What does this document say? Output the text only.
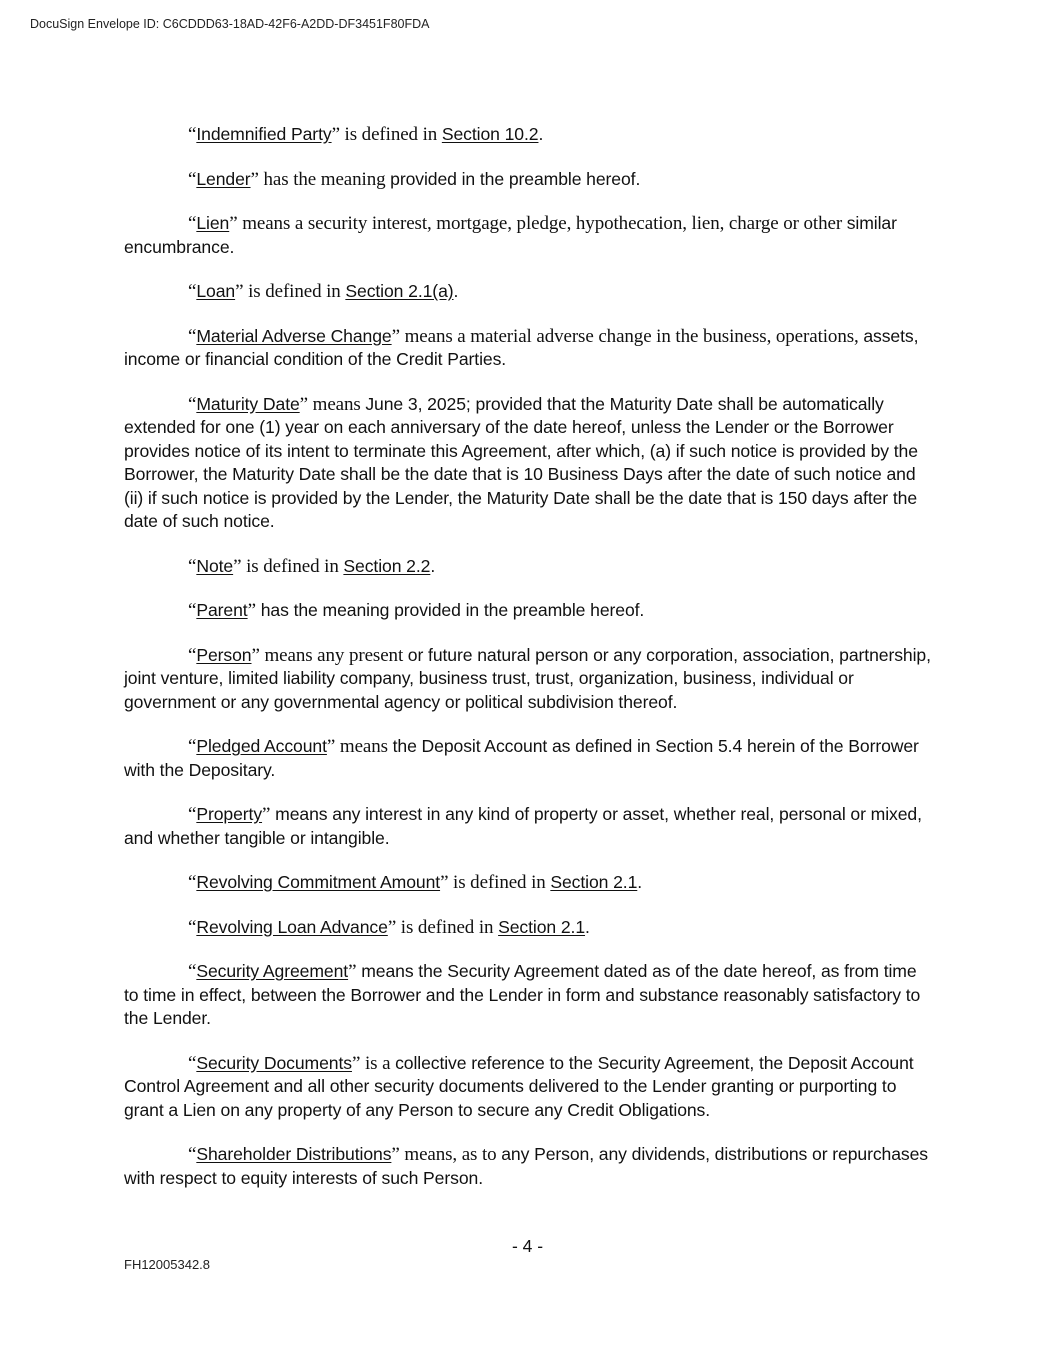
DocuSign Envelope ID: C6CDDD63-18AD-42F6-A2DD-DF3451F80FDA

“Indemnified Party” is defined in Section 10.2.

“Lender” has the meaning provided in the preamble hereof.

“Lien” means a security interest, mortgage, pledge, hypothecation, lien, charge or other similar encumbrance.

“Loan” is defined in Section 2.1(a).

“Material Adverse Change” means a material adverse change in the business, operations, assets, income or financial condition of the Credit Parties.

“Maturity Date” means June 3, 2025; provided that the Maturity Date shall be automatically extended for one (1) year on each anniversary of the date hereof, unless the Lender or the Borrower provides notice of its intent to terminate this Agreement, after which, (a) if such notice is provided by the Borrower, the Maturity Date shall be the date that is 10 Business Days after the date of such notice and (ii) if such notice is provided by the Lender, the Maturity Date shall be the date that is 150 days after the date of such notice.

“Note” is defined in Section 2.2.

“Parent” has the meaning provided in the preamble hereof.

“Person” means any present or future natural person or any corporation, association, partnership, joint venture, limited liability company, business trust, trust, organization, business, individual or government or any governmental agency or political subdivision thereof.

“Pledged Account” means the Deposit Account as defined in Section 5.4 herein of the Borrower with the Depositary.

“Property” means any interest in any kind of property or asset, whether real, personal or mixed, and whether tangible or intangible.

“Revolving Commitment Amount” is defined in Section 2.1.

“Revolving Loan Advance” is defined in Section 2.1.

“Security Agreement” means the Security Agreement dated as of the date hereof, as from time to time in effect, between the Borrower and the Lender in form and substance reasonably satisfactory to the Lender.

“Security Documents” is a collective reference to the Security Agreement, the Deposit Account Control Agreement and all other security documents delivered to the Lender granting or purporting to grant a Lien on any property of any Person to secure any Credit Obligations.

“Shareholder Distributions” means, as to any Person, any dividends, distributions or repurchases with respect to equity interests of such Person.

- 4 -
FH12005342.8
